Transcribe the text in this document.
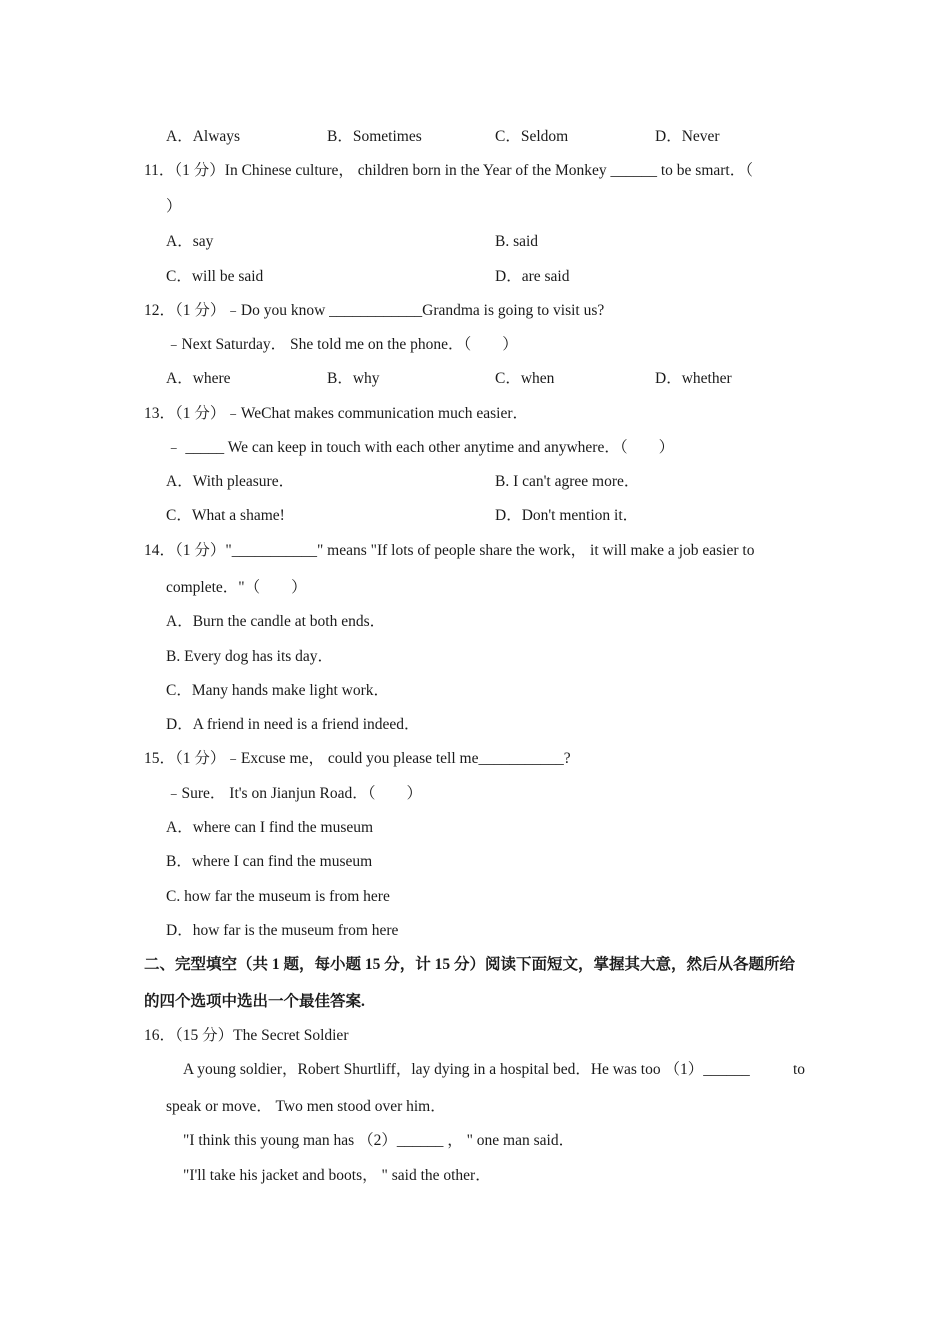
A．Always	B．Sometimes	C．Seldom	D．Never
11．（1 分）In Chinese culture， children born in the Year of the Monkey ______ to be smart．（
）
A．say	B. said
C．will be said	D．are said
12．（1 分）﹣Do you know ____________Grandma is going to visit us?
﹣Next Saturday． She told me on the phone．（　　）
A．where	B．why	C．when	D．whether
13．（1 分）﹣WeChat makes communication much easier．
﹣ _____ We can keep in touch with each other anytime and anywhere．（　　）
A．With pleasure．	B. I can't agree more．
C．What a shame!	D．Don't mention it．
14．（1 分）"___________" means "If lots of people share the work， it will make a job easier to
complete．"（　　）
A．Burn the candle at both ends．
B. Every dog has its day．
C．Many hands make light work．
D．A friend in need is a friend indeed．
15．（1 分）﹣Excuse me， could you please tell me___________?
﹣Sure． It's on Jianjun Road．（　　）
A．where can I find the museum
B．where I can find the museum
C. how far the museum is from here
D．how far is the museum from here
二、完型填空（共 1 题，每小题 15 分，计 15 分）阅读下面短文，掌握其大意，然后从各题所给
的四个选项中选出一个最佳答案.
16．（15 分）The Secret Soldier
A young soldier，Robert Shurtliff，lay dying in a hospital bed．He was too （1）______	to
speak or move． Two men stood over him．
"I think this young man has （2）______ ， " one man said．
"I'll take his jacket and boots， " said the other．
